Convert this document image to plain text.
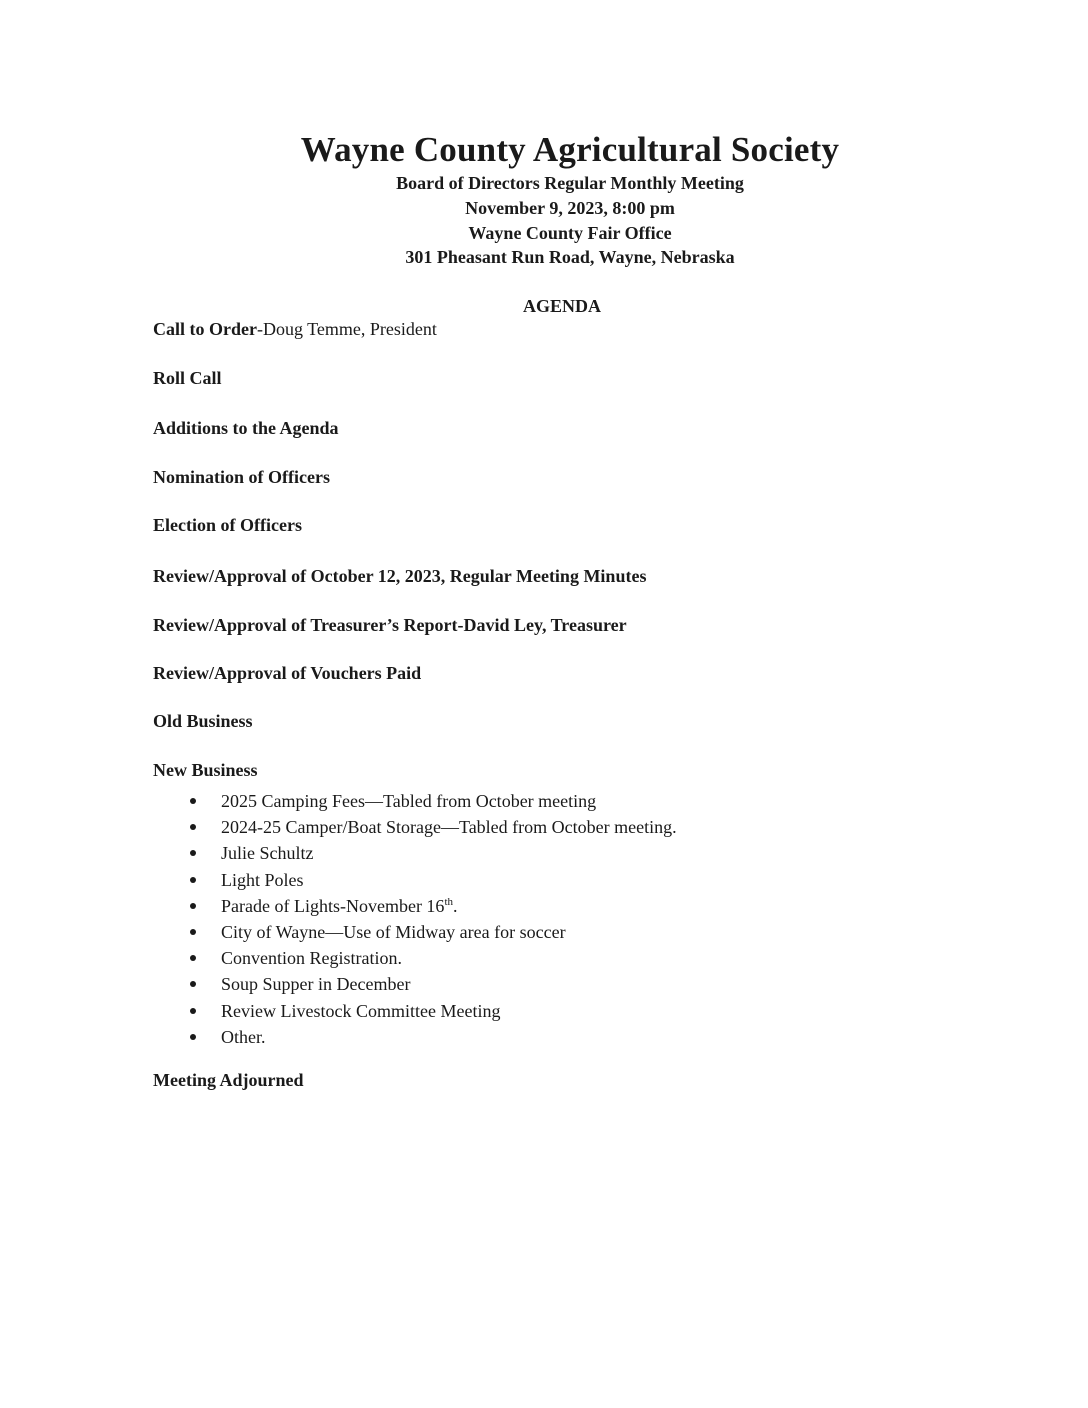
Wayne County Agricultural Society
Board of Directors Regular Monthly Meeting
November 9, 2023, 8:00 pm
Wayne County Fair Office
301 Pheasant Run Road, Wayne, Nebraska
AGENDA
Call to Order-Doug Temme, President
Roll Call
Additions to the Agenda
Nomination of Officers
Election of Officers
Review/Approval of October 12, 2023, Regular Meeting Minutes
Review/Approval of Treasurer’s Report-David Ley, Treasurer
Review/Approval of Vouchers Paid
Old Business
New Business
2025 Camping Fees—Tabled from October meeting
2024-25 Camper/Boat Storage—Tabled from October meeting.
Julie Schultz
Light Poles
Parade of Lights-November 16th.
City of Wayne—Use of Midway area for soccer
Convention Registration.
Soup Supper in December
Review Livestock Committee Meeting
Other.
Meeting Adjourned
